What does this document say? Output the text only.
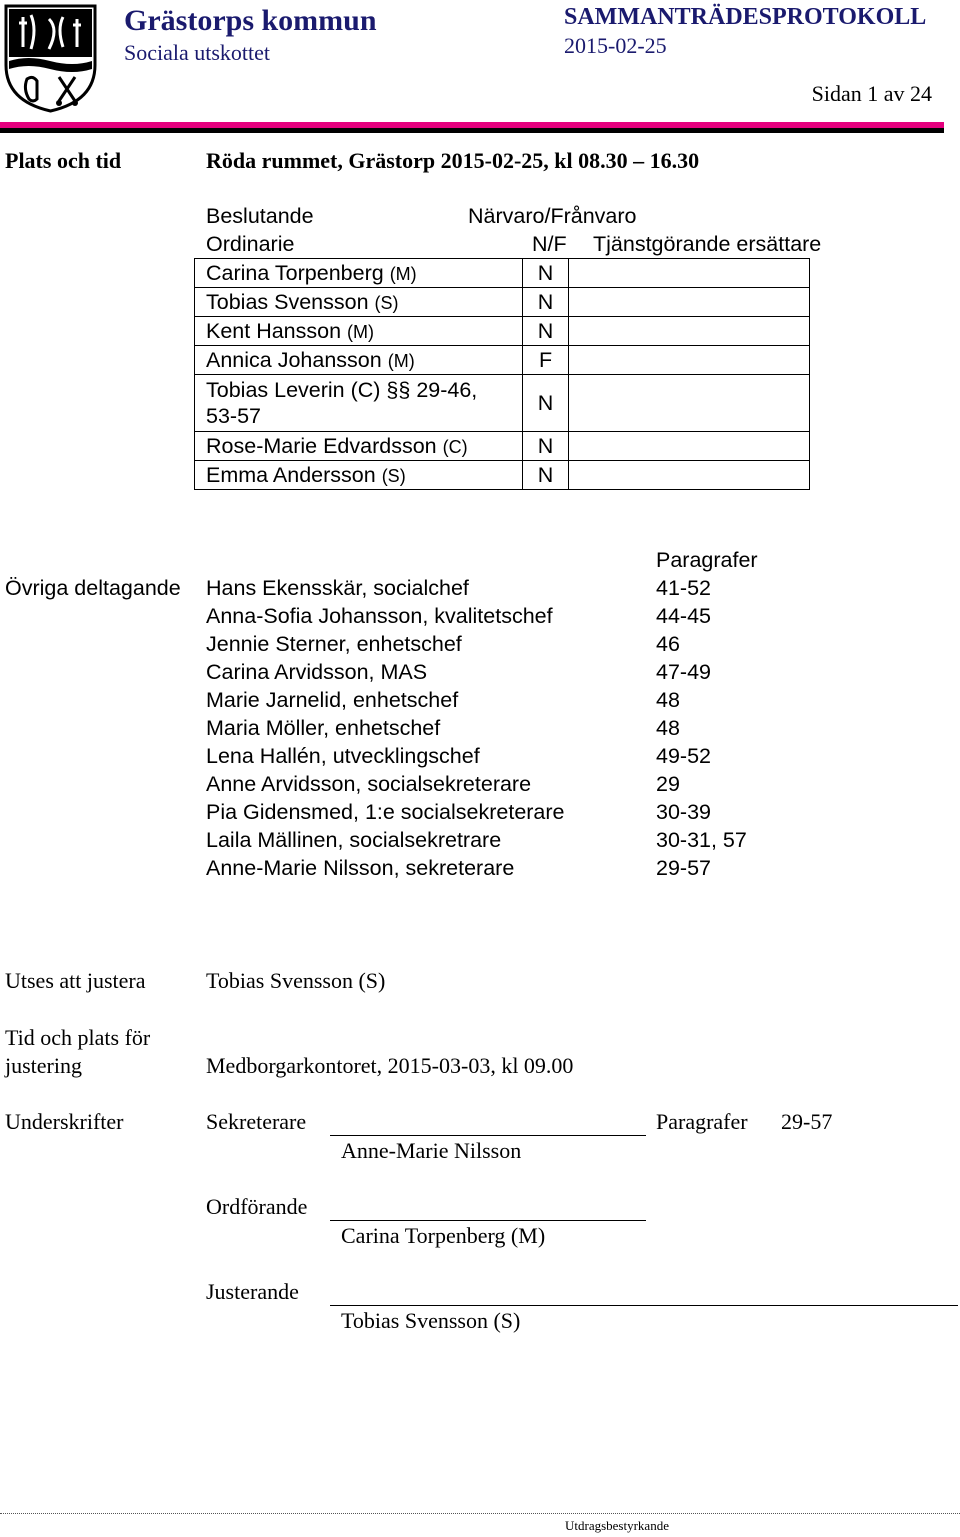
Grästorps kommun
Sociala utskottet
SAMMANTRÄDESPROTOKOLL
2015-02-25
Sidan 1 av 24
Plats och tid	Röda rummet, Grästorp 2015-02-25, kl 08.30 – 16.30
Beslutande	Närvaro/Frånvaro
Ordinarie	N/F Tjänstgörande ersättare
Carina Torpenberg (M)	N	
Tobias Svensson (S)	N	
Kent Hansson (M)	N	
Annica Johansson (M)	F	

Tobias Leverin (C) §§ 29-46,
53-57	N	
Rose-Marie Edvardsson (C)	N	
Emma Andersson (S)	N	
Paragrafer
Övriga deltagande Hans Ekensskär, socialchef	41-52
Anna-Sofia Johansson, kvalitetschef	44-45
Jennie Sterner, enhetschef	46
Carina Arvidsson, MAS	47-49
Marie Jarnelid, enhetschef	48
Maria Möller, enhetschef	48
Lena Hallén, utvecklingschef	49-52
Anne Arvidsson, socialsekreterare	29
Pia Gidensmed, 1:e socialsekreterare	30-39
Laila Mällinen, socialsekretrare	30-31, 57
Anne-Marie Nilsson, sekreterare	29-57
Utses att justera	Tobias Svensson (S)
Tid och plats för
justering	Medborgarkontoret, 2015-03-03, kl 09.00
Underskrifter	Sekreterare	Paragrafer 29-57
Anne-Marie Nilsson
Ordförande
Carina Torpenberg (M)
Justerande
Tobias Svensson (S)
Utdragsbestyrkande
